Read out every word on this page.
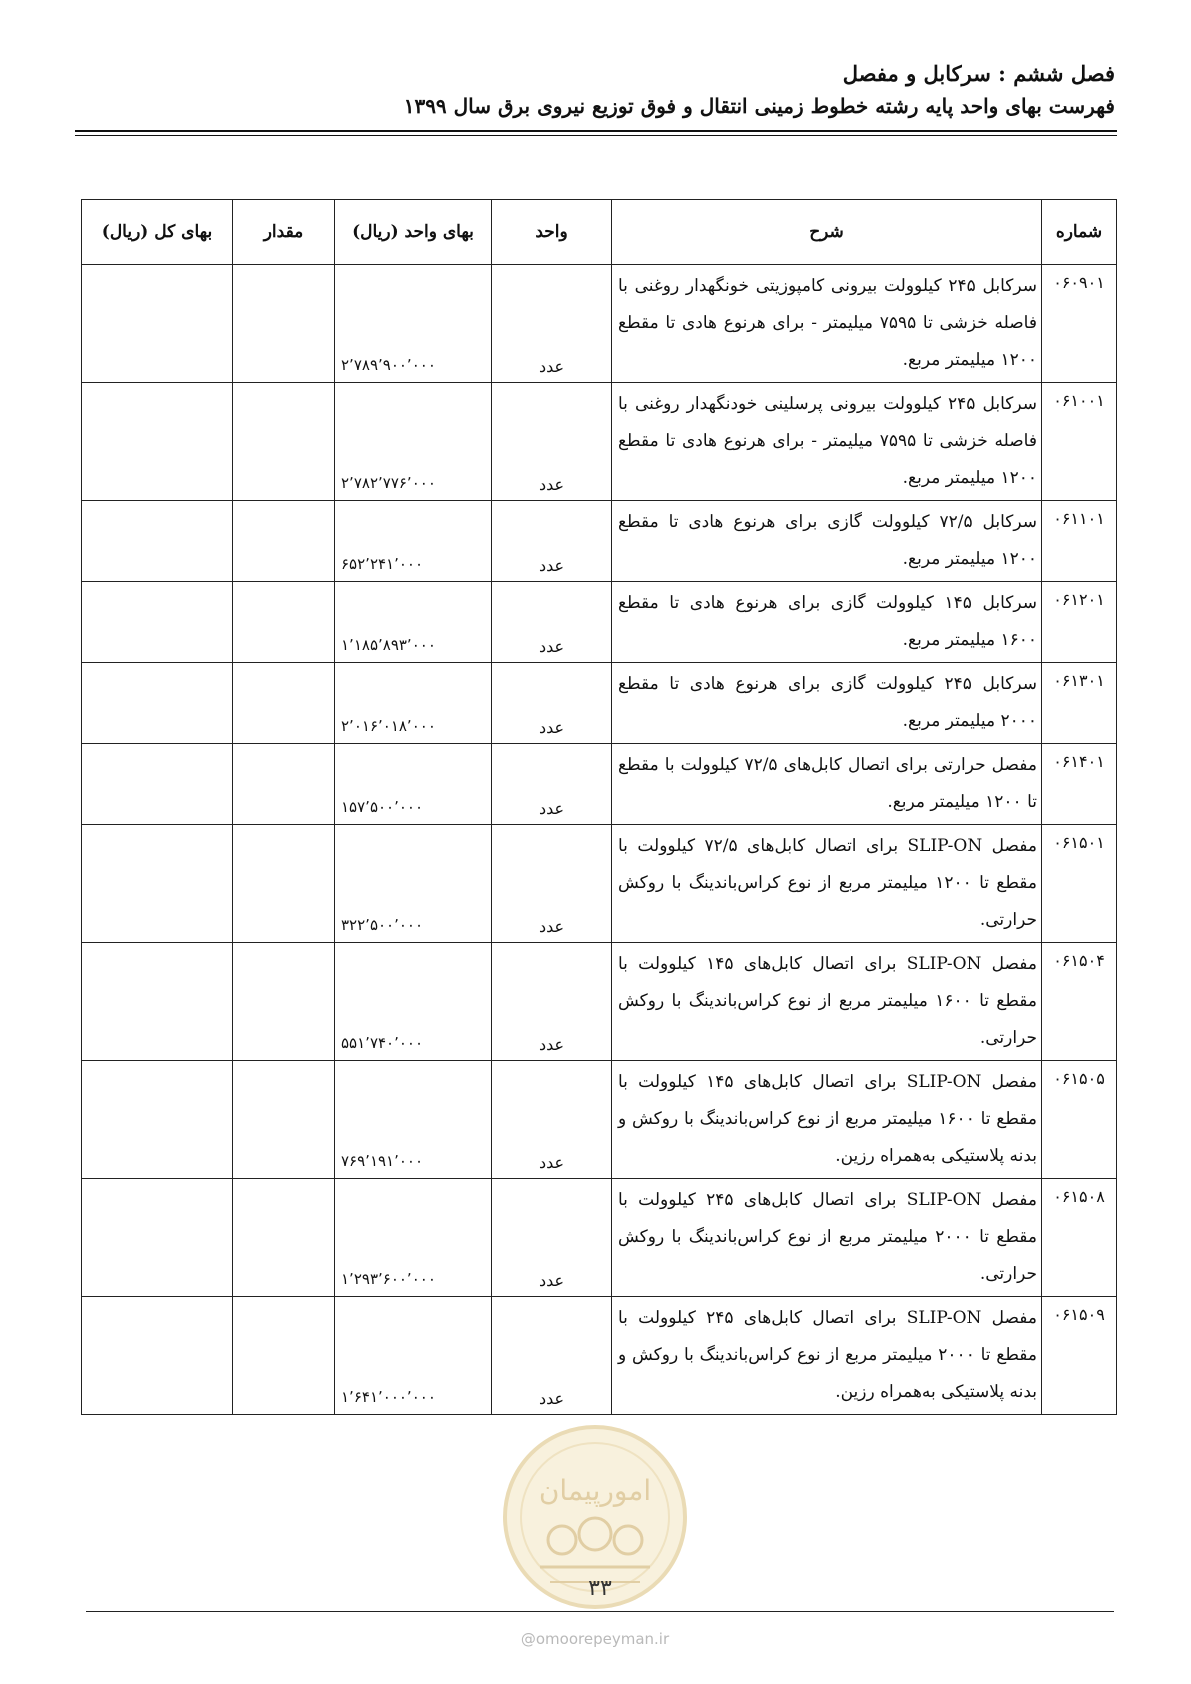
فصل ششم : سرکابل و مفصل
فهرست بهای واحد پایه رشته خطوط زمینی انتقال و فوق توزیع نیروی برق سال ۱۳۹۹
شماره	شرح	واحد	بهای واحد (ریال)	مقدار	بهای کل (ریال)
۰۶۰۹۰۱	سرکابل ۲۴۵ کیلوولت بیرونی کامپوزیتی خونگهدار روغنی با فاصله خزشی تا ۷۵۹۵ میلیمتر - برای هرنوع هادی تا مقطع ۱۲۰۰ میلیمتر مربع.	عدد	۲٬۷۸۹٬۹۰۰٬۰۰۰		
۰۶۱۰۰۱	سرکابل ۲۴۵ کیلوولت بیرونی پرسلینی خودنگهدار روغنی با فاصله خزشی تا ۷۵۹۵ میلیمتر - برای هرنوع هادی تا مقطع ۱۲۰۰ میلیمتر مربع.	عدد	۲٬۷۸۲٬۷۷۶٬۰۰۰		
۰۶۱۱۰۱	سرکابل ۷۲/۵ کیلوولت گازی برای هرنوع هادی تا مقطع ۱۲۰۰ میلیمتر مربع.	عدد	۶۵۲٬۲۴۱٬۰۰۰		
۰۶۱۲۰۱	سرکابل ۱۴۵ کیلوولت گازی برای هرنوع هادی تا مقطع ۱۶۰۰ میلیمتر مربع.	عدد	۱٬۱۸۵٬۸۹۳٬۰۰۰		
۰۶۱۳۰۱	سرکابل ۲۴۵ کیلوولت گازی برای هرنوع هادی تا مقطع ۲۰۰۰ میلیمتر مربع.	عدد	۲٬۰۱۶٬۰۱۸٬۰۰۰		
۰۶۱۴۰۱	مفصل حرارتی برای اتصال کابل‌های ۷۲/۵ کیلوولت با مقطع تا ۱۲۰۰ میلیمتر مربع.	عدد	۱۵۷٬۵۰۰٬۰۰۰		
۰۶۱۵۰۱	مفصل SLIP-ON برای اتصال کابل‌های ۷۲/۵ کیلوولت با مقطع تا ۱۲۰۰ میلیمتر مربع از نوع کراس‌باندینگ با روکش حرارتی.	عدد	۳۲۲٬۵۰۰٬۰۰۰		
۰۶۱۵۰۴	مفصل SLIP-ON برای اتصال کابل‌های ۱۴۵ کیلوولت با مقطع تا ۱۶۰۰ میلیمتر مربع از نوع کراس‌باندینگ با روکش حرارتی.	عدد	۵۵۱٬۷۴۰٬۰۰۰		
۰۶۱۵۰۵	مفصل SLIP-ON برای اتصال کابل‌های ۱۴۵ کیلوولت با مقطع تا ۱۶۰۰ میلیمتر مربع از نوع کراس‌باندینگ با روکش و بدنه پلاستیکی به‌همراه رزین.	عدد	۷۶۹٬۱۹۱٬۰۰۰		
۰۶۱۵۰۸	مفصل SLIP-ON برای اتصال کابل‌های ۲۴۵ کیلوولت با مقطع تا ۲۰۰۰ میلیمتر مربع از نوع کراس‌باندینگ با روکش حرارتی.	عدد	۱٬۲۹۳٬۶۰۰٬۰۰۰		
۰۶۱۵۰۹	مفصل SLIP-ON برای اتصال کابل‌های ۲۴۵ کیلوولت با مقطع تا ۲۰۰۰ میلیمتر مربع از نوع کراس‌باندینگ با روکش و بدنه پلاستیکی به‌همراه رزین.	عدد	۱٬۶۴۱٬۰۰۰٬۰۰۰		
امورپیمان
۳۳
@omoorepeyman.ir
